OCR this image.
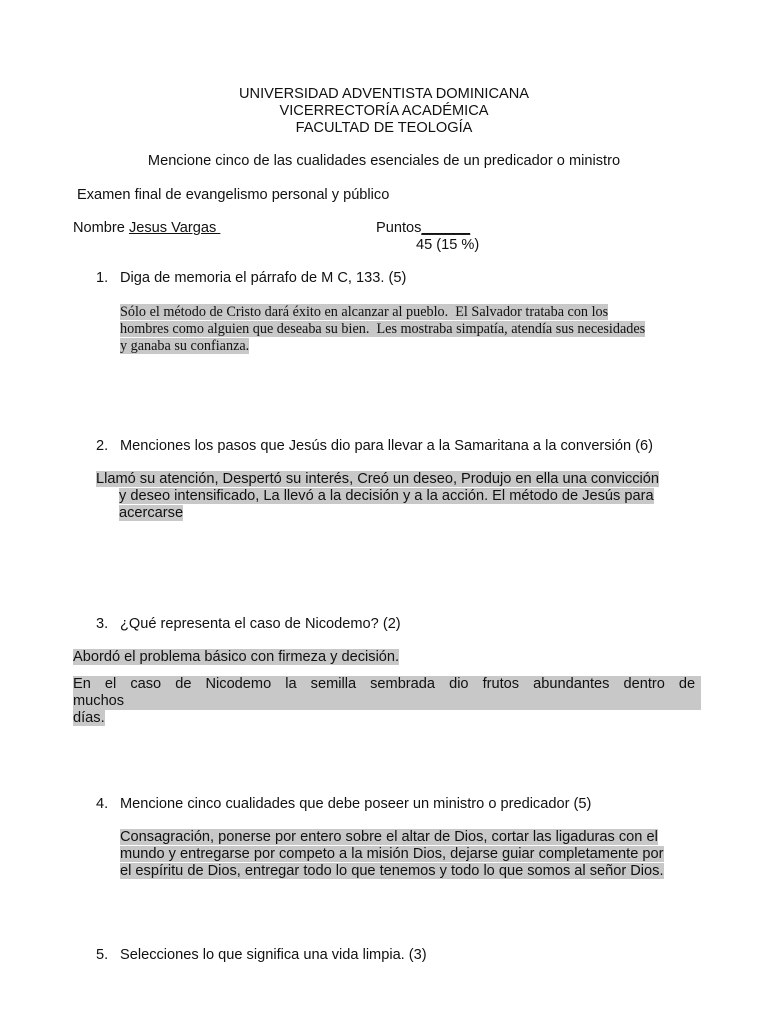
UNIVERSIDAD ADVENTISTA DOMINICANA
VICERRECTORÍA ACADÉMICA
FACULTAD DE TEOLOGÍA
Mencione cinco de las cualidades esenciales de un predicador o ministro
Examen final de evangelismo personal y público
Nombre Jesus Vargas	Puntos______
45 (15 %)
1. Diga de memoria el párrafo de M C, 133. (5)
Sólo el método de Cristo dará éxito en alcanzar al pueblo.  El Salvador trataba con los
hombres como alguien que deseaba su bien.  Les mostraba simpatía, atendía sus necesidades
y ganaba su confianza.
2. Menciones los pasos que Jesús dio para llevar a la Samaritana a la conversión (6)
Llamó su atención, Despertó su interés, Creó un deseo, Produjo en ella una convicción
y deseo intensificado, La llevó a la decisión y a la acción. El método de Jesús para
acercarse
3. ¿Qué representa el caso de Nicodemo? (2)
Abordó el problema básico con firmeza y decisión.
En el caso de Nicodemo la semilla sembrada dio frutos abundantes dentro de muchos
días.
4. Mencione cinco cualidades que debe poseer un ministro o predicador (5)
Consagración, ponerse por entero sobre el altar de Dios, cortar las ligaduras con el
mundo y entregarse por competo a la misión Dios, dejarse guiar completamente por
el espíritu de Dios, entregar todo lo que tenemos y todo lo que somos al señor Dios.
5. Selecciones lo que significa una vida limpia. (3)
